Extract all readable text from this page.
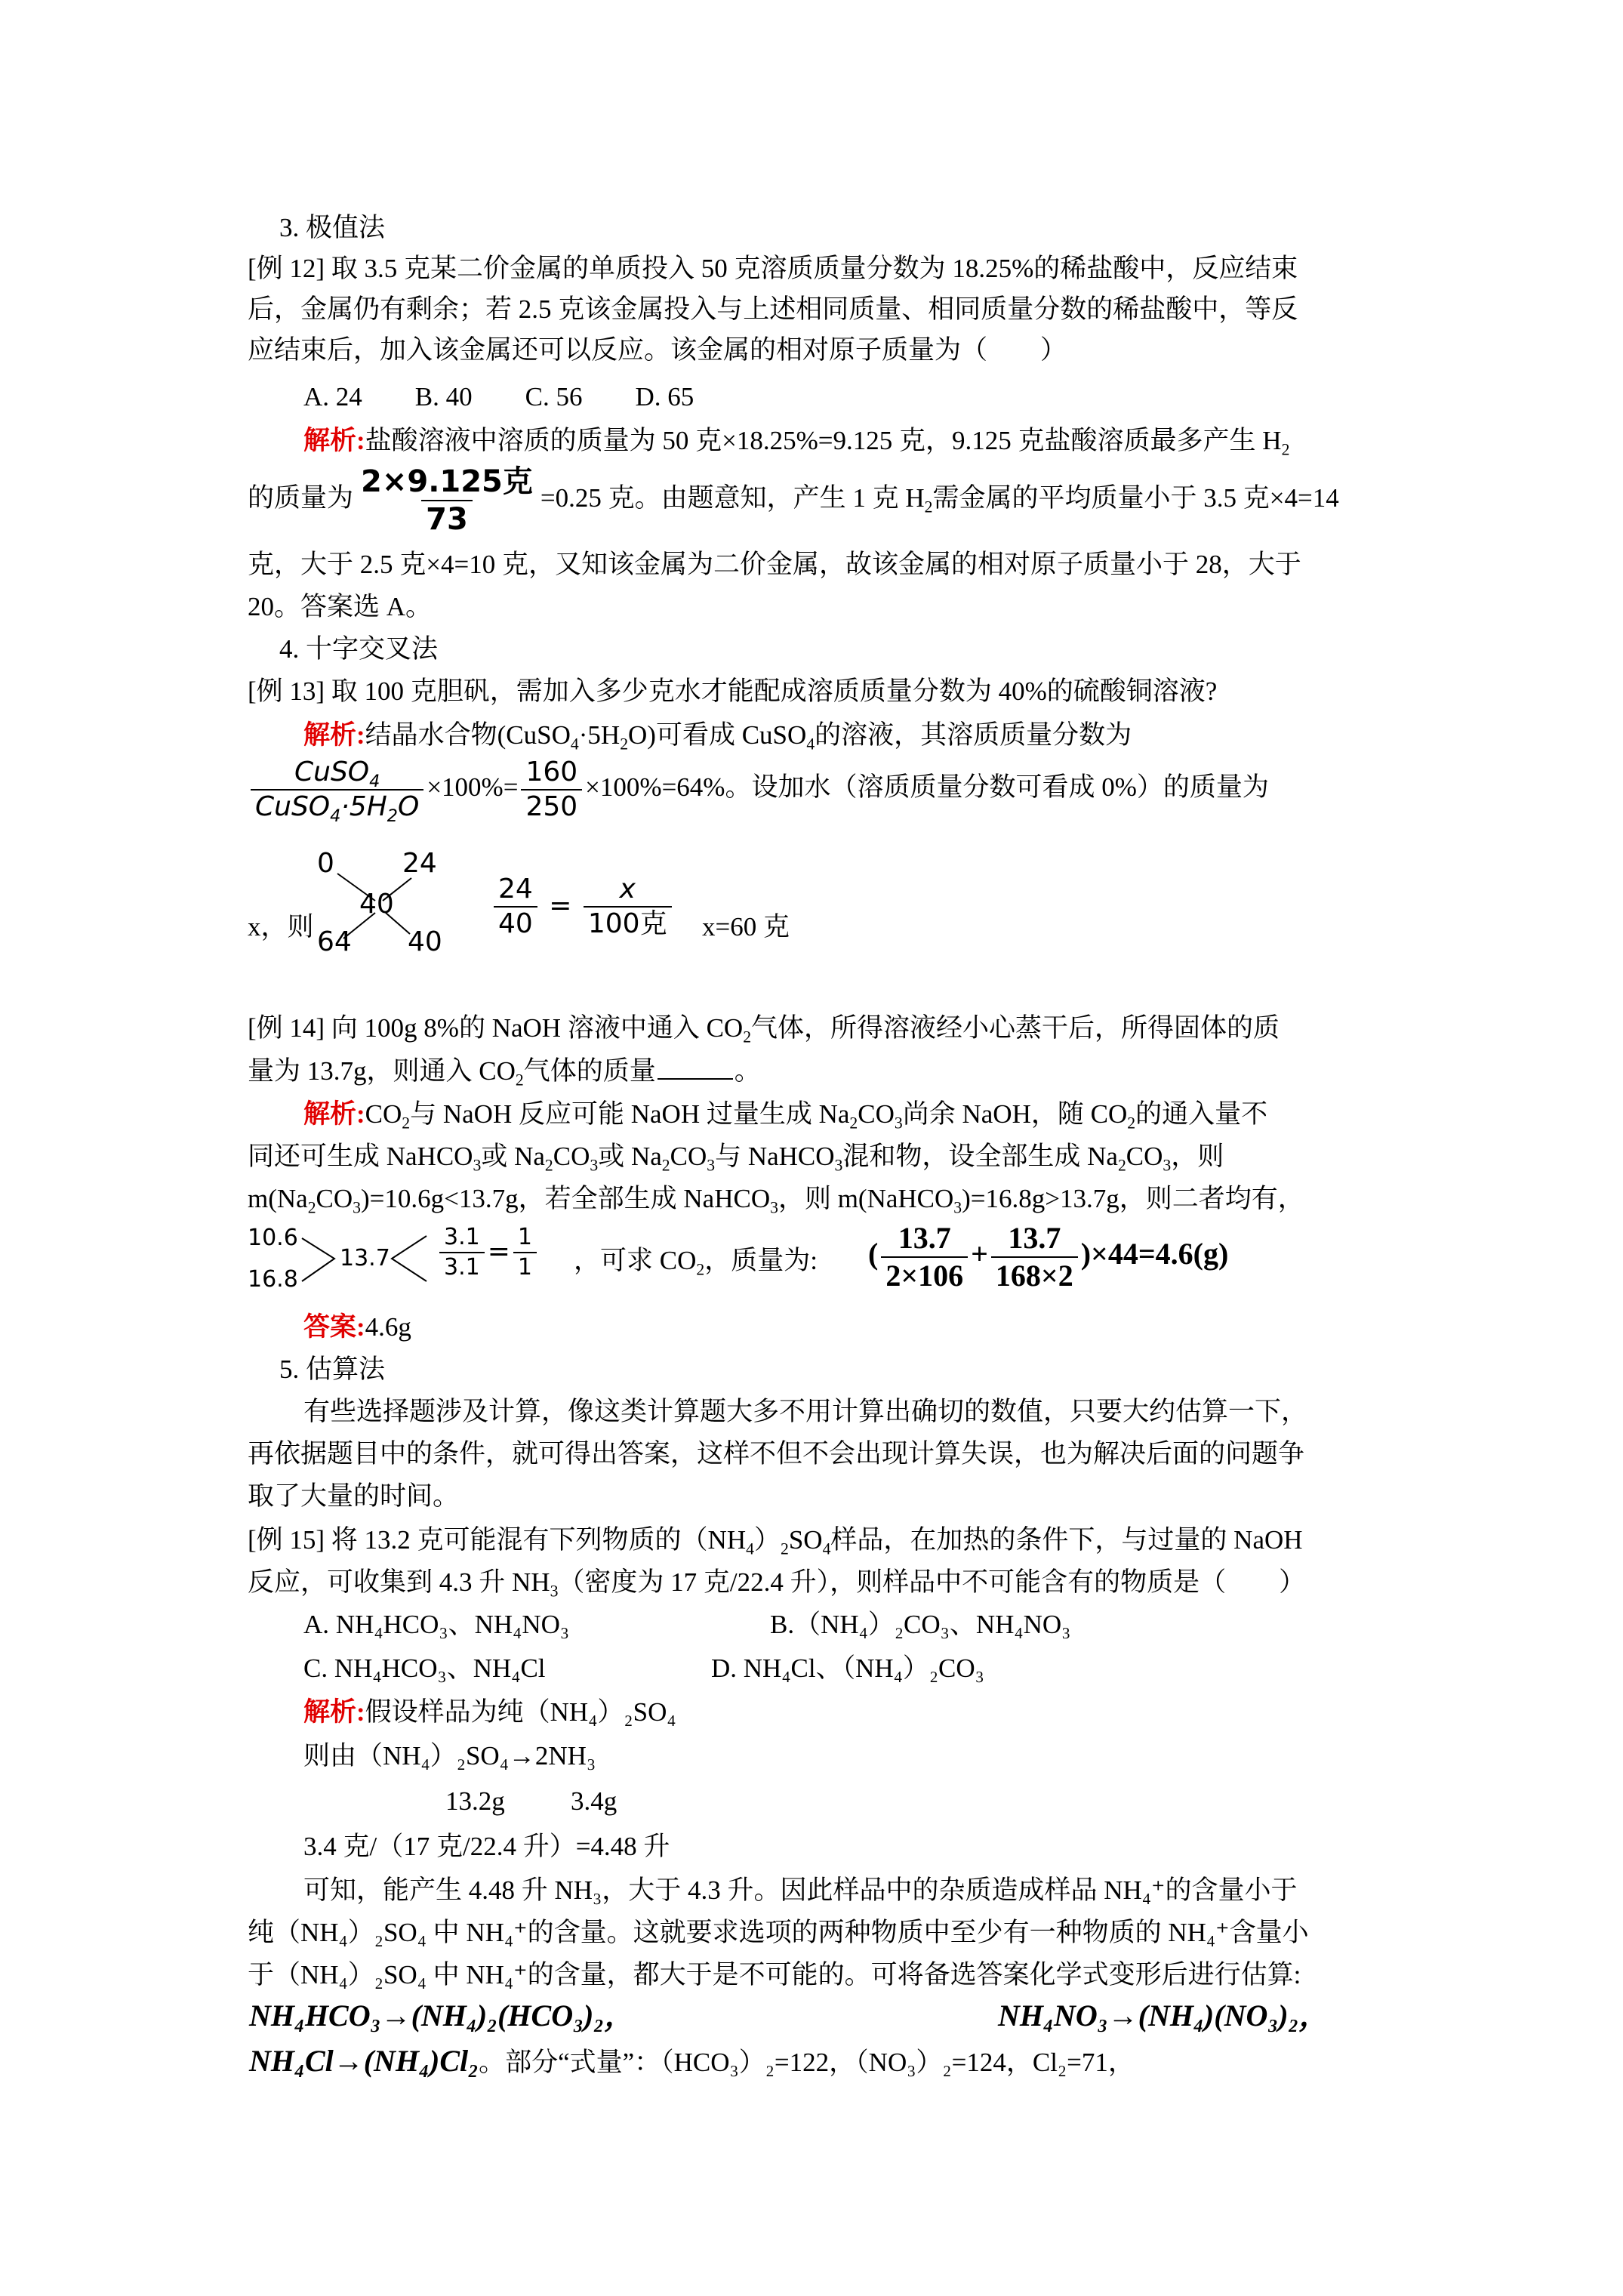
3. 极值法
[例 12] 取 3.5 克某二价金属的单质投入 50 克溶质质量分数为 18.25%的稀盐酸中，反应结束
后，金属仍有剩余；若 2.5 克该金属投入与上述相同质量、相同质量分数的稀盐酸中，等反
应结束后，加入该金属还可以反应。该金属的相对原子质量为（　　）
A. 24　　B. 40　　C. 56　　D. 65
解析:盐酸溶液中溶质的质量为 50 克×18.25%=9.125 克，9.125 克盐酸溶质最多产生 $H_2$
的质量为 $\frac{\text{2×9.125克}}{73} =0.25$ 克。由题意知，产生 1 克 $H_2$需金属的平均质量小于 3.5 克×4=14
克，大于 2.5 克×4=10 克，又知该金属为二价金属，故该金属的相对原子质量小于 28，大于
20。答案选 A。
4. 十字交叉法
[例 13] 取 100 克胆矾，需加入多少克水才能配成溶质质量分数为 40%的硫酸铜溶液?
解析:结晶水合物$(CuSO_4\cdot 5H_2O)$可看成 CuSO$_4$的溶液，其溶质质量分数为
$\frac{CuSO_4}{CuSO_4\cdot 5H_2O} \times 100\%= \frac{160}{250} \times 100\%=64\%$。设加水（溶质质量分数可看成 0%）的质量为
x，则
0	24
40
64 40
$\frac{24}{40} = \frac{x}{\text{100克}} x=60$ 克
[例 14] 向 100g 8%的 NaOH 溶液中通入 $CO_2$气体，所得溶液经小心蒸干后，所得固体的质
量为 13.7g，则通入 $CO_2$气体的质量	。
解析$:CO_2$与 NaOH 反应可能 NaOH 过量生成 $Na_2CO_3$尚余 NaOH，随 $CO_2$的通入量不
同还可生成 NaHCO$_3$或 $Na_2CO_3$或 $Na_2CO_3$与 NaHCO$_3$混和物，设全部生成 $Na_2CO_3$，则
$m(Na_2CO_3)=10.6g<13.7g$，若全部生成 NaHCO$_3$，则 m(NaHCO$_3$)=16.8g>13.7g，则二者均有，
10.6
16.8
$13.7 \frac{3.1}{3.1} = \frac{1}{1}$ ，可求 $CO_2$，质量为: ( $\frac{13.7}{2\times 106} + \frac{13.7}{168\times 2} )\times 44=4.6(g)$
答案:4.6g
5. 估算法
有些选择题涉及计算，像这类计算题大多不用计算出确切的数值，只要大约估算一下，
再依据题目中的条件，就可得出答案，这样不但不会出现计算失误，也为解决后面的问题争
取了大量的时间。
[例 15] 将 13.2 克可能混有下列物质的$(NH_4)_2SO_4$样品，在加热的条件下，与过量的 NaOH
反应，可收集到 4.3 升 $NH_3$（密度为 17 克/22.4 升），则样品中不可能含有的物质是（　　）
A. NH₄HCO₃、NH₄NO₃	B.（NH₄）₂CO₃、NH₄NO₃
C. NH₄HCO₃、NH₄Cl	D. NH₄Cl、（NH₄）₂CO₃
解析:假设样品为纯（NH₄）₂SO₄
则由（NH₄）₂SO₄→2NH₃
13.2g 3.4g
3.4 克/（17 克/22.4 升）=4.48 升
可知，能产生 4.48 升 NH₃，大于 4.3 升。因此样品中的杂质造成样品 NH₄⁺的含量小于
纯（NH₄）₂SO₄ 中 NH₄⁺的含量。这就要求选项的两种物质中至少有一种物质的 NH₄⁺含量小
于（NH₄）₂SO₄ 中 NH₄⁺的含量，都大于是不可能的。可将备选答案化学式变形后进行估算:
NH₄HCO₃→(NH₄)₂(HCO₃)₂，	NH₄NO₃→(NH₄)(NO₃)₂，
NH₄Cl→(NH₄)Cl₂。部分“式量”：（HCO₃）₂=122，（NO₃）₂=124，Cl₂=71，
